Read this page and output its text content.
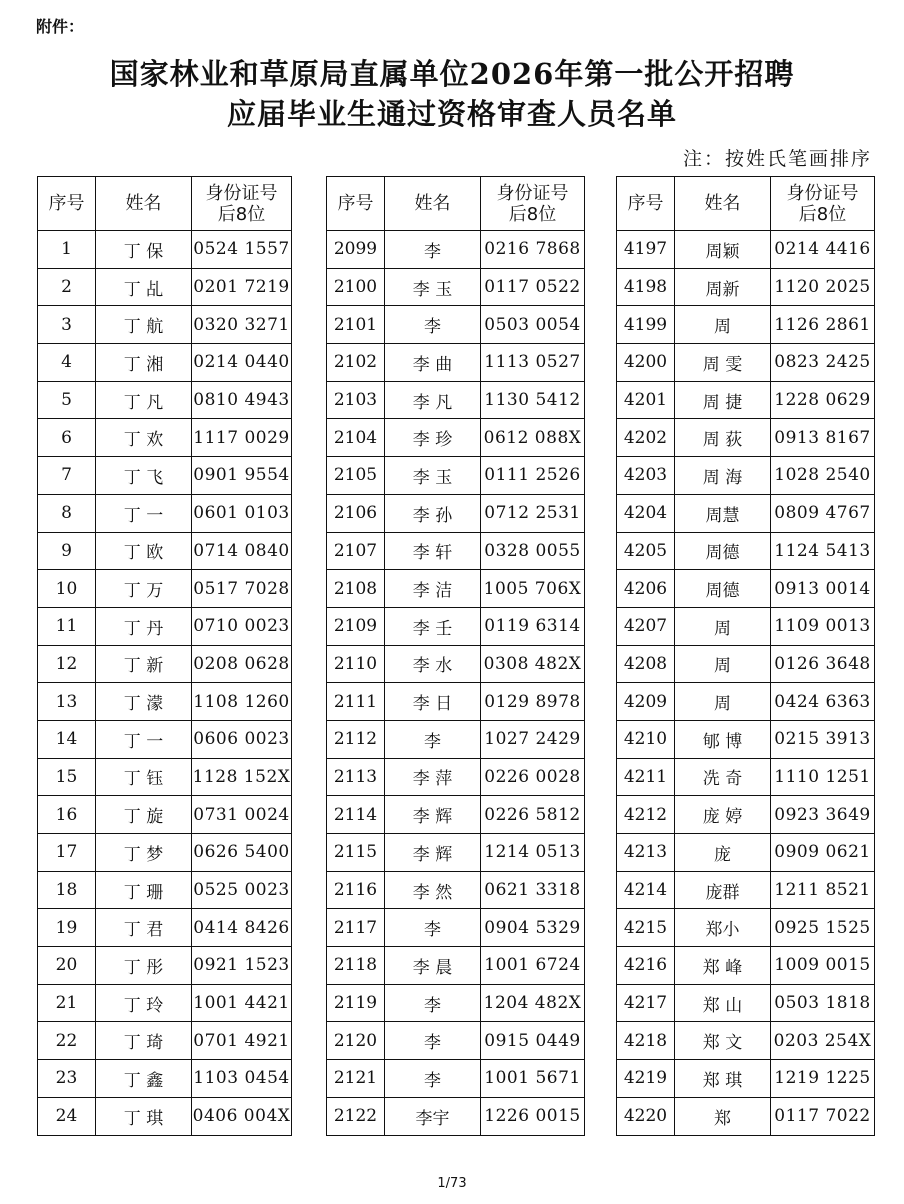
附件：
国家林业和草原局直属单位2026年第一批公开招聘
应届毕业生通过资格审查人员名单
注：按姓氏笔画排序
序号	姓名	身份证号
后8位

1	丁 保	0524 1557
2	丁 乩	0201 7219
3	丁 航	0320 3271
4	丁 湘	0214 0440
5	丁 凡	0810 4943
6	丁 欢	1117 0029
7	丁 飞	0901 9554
8	丁 一	0601 0103
9	丁 欧	0714 0840
10	丁 万	0517 7028
11	丁 丹	0710 0023
12	丁 新	0208 0628
13	丁 濛	1108 1260
14	丁 一	0606 0023
15	丁 钰	1128 152X
16	丁 旋	0731 0024
17	丁 梦	0626 5400
18	丁 珊	0525 0023
19	丁 君	0414 8426
20	丁 彤	0921 1523
21	丁 玲	1001 4421
22	丁 琦	0701 4921
23	丁 鑫	1103 0454
24	丁 琪	0406 004X
序号	姓名	身份证号
后8位

2099	李	0216 7868
2100	李 玉	0117 0522
2101	李	0503 0054
2102	李 曲	1113 0527
2103	李 凡	1130 5412
2104	李 珍	0612 088X
2105	李 玉	0111 2526
2106	李 孙	0712 2531
2107	李 轩	0328 0055
2108	李 洁	1005 706X
2109	李 壬	0119 6314
2110	李 水	0308 482X
2111	李 日	0129 8978
2112	李	1027 2429
2113	李 萍	0226 0028
2114	李 辉	0226 5812
2115	李 辉	1214 0513
2116	李 然	0621 3318
2117	李	0904 5329
2118	李 晨	1001 6724
2119	李	1204 482X
2120	李	0915 0449
2121	李	1001 5671
2122	李宇	1226 0015
序号	姓名	身份证号
后8位

4197	周颖	0214 4416
4198	周新	1120 2025
4199	周	1126 2861
4200	周 雯	0823 2425
4201	周 捷	1228 0629
4202	周 荻	0913 8167
4203	周 海	1028 2540
4204	周慧	0809 4767
4205	周德	1124 5413
4206	周德	0913 0014
4207	周	1109 0013
4208	周	0126 3648
4209	周	0424 6363
4210	郇 博	0215 3913
4211	冼 奇	1110 1251
4212	庞 婷	0923 3649
4213	庞	0909 0621
4214	庞群	1211 8521
4215	郑小	0925 1525
4216	郑 峰	1009 0015
4217	郑 山	0503 1818
4218	郑 文	0203 254X
4219	郑 琪	1219 1225
4220	郑	0117 7022
1/73
